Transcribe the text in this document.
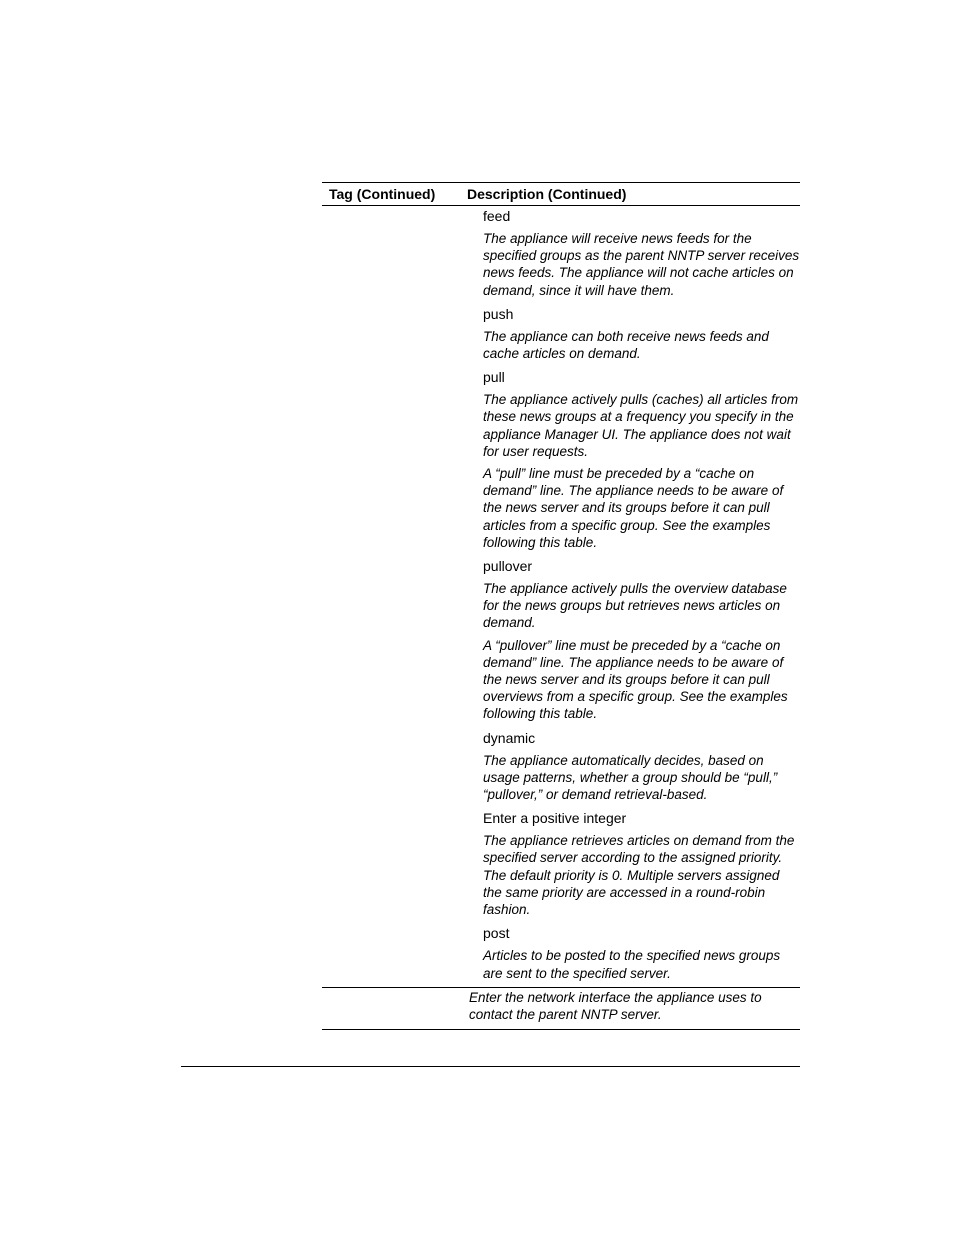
Tag (Continued)	Description (Continued)
feed

The appliance will receive news feeds for the specified groups as the parent NNTP server receives news feeds. The appliance will not cache articles on demand, since it will have them.

push

The appliance can both receive news feeds and cache articles on demand.

pull

The appliance actively pulls (caches) all articles from these news groups at a frequency you specify in the appliance Manager UI. The appliance does not wait for user requests.

A “pull” line must be preceded by a “cache on demand” line. The appliance needs to be aware of the news server and its groups before it can pull articles from a specific group. See the examples following this table.

pullover

The appliance actively pulls the overview database for the news groups but retrieves news articles on demand.

A “pullover” line must be preceded by a “cache on demand” line. The appliance needs to be aware of the news server and its groups before it can pull overviews from a specific group. See the examples following this table.

dynamic

The appliance automatically decides, based on usage patterns, whether a group should be “pull,” “pullover,” or demand retrieval-based.

Enter a positive integer

The appliance retrieves articles on demand from the specified server according to the assigned priority. The default priority is 0. Multiple servers assigned the same priority are accessed in a round-robin fashion.

post

Articles to be posted to the specified news groups are sent to the specified server.

Enter the network interface the appliance uses to contact the parent NNTP server.
